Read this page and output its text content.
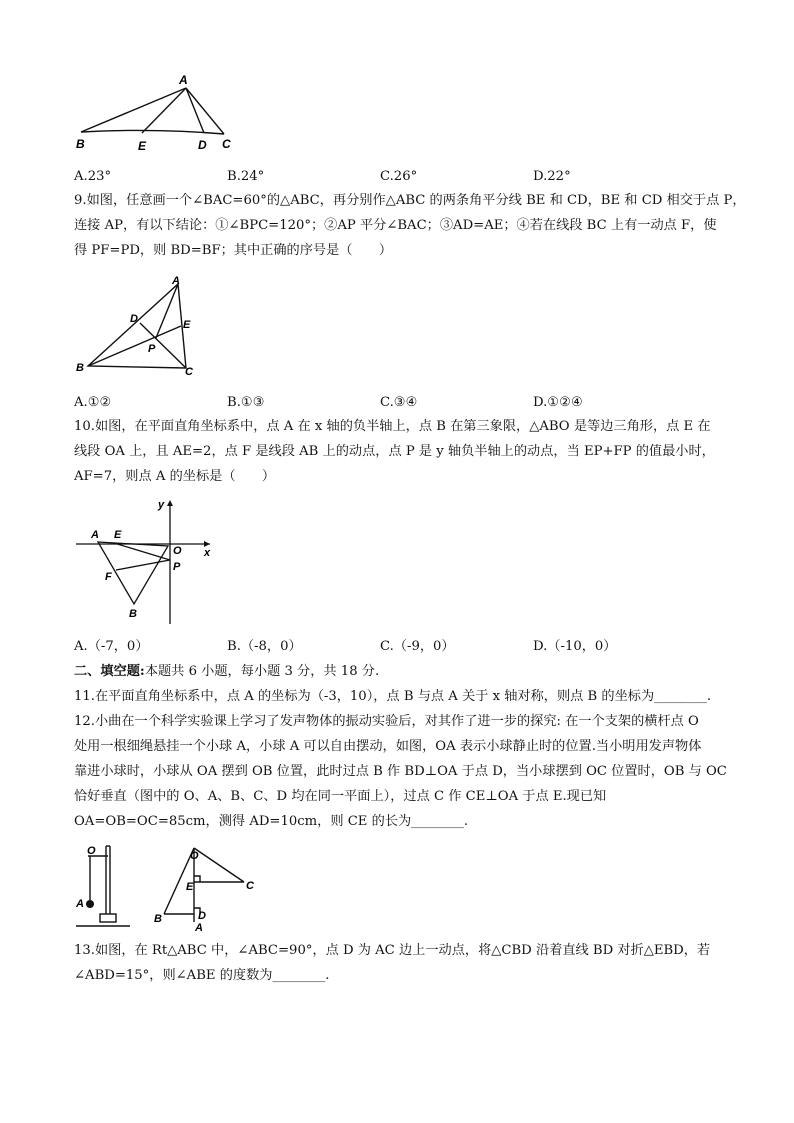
A
B	E	D C
A.23°	B.24°	C.26°	D.22°
9.如图，任意画一个∠BAC=60°的△ABC，再分别作△ABC 的两条角平分线 BE 和 CD，BE 和 CD 相交于点 P，
连接 AP，有以下结论：①∠BPC=120°；②AP 平分∠BAC；③AD=AE；④若在线段 BC 上有一动点 F，使
得 PF=PD，则 BD=BF；其中正确的序号是（　　）
A
D	E
P
B	C
A.①②	B.①③	C.③④	D.①②④
10.如图，在平面直角坐标系中，点 A 在 x 轴的负半轴上，点 B 在第三象限，△ABO 是等边三角形，点 E 在
线段 OA 上，且 AE=2，点 F 是线段 AB 上的动点，点 P 是 y 轴负半轴上的动点，当 EP+FP 的值最小时，
AF=7，则点 A 的坐标是（　　）
y
A E
O x
P
F
B
A.（-7，0）	B.（-8，0）	C.（-9，0）	D.（-10，0）
二、填空题:本题共 6 小题，每小题 3 分，共 18 分.
11.在平面直角坐标系中，点 A 的坐标为（-3，10），点 B 与点 A 关于 x 轴对称，则点 B 的坐标为________.
12.小曲在一个科学实验课上学习了发声物体的振动实验后，对其作了进一步的探究: 在一个支架的横杆点 O
处用一根细绳悬挂一个小球 A，小球 A 可以自由摆动，如图，OA 表示小球静止时的位置.当小明用发声物体
靠进小球时，小球从 OA 摆到 OB 位置，此时过点 B 作 BD⊥OA 于点 D，当小球摆到 OC 位置时，OB 与 OC
恰好垂直（图中的 O、A、B、C、D 均在同一平面上），过点 C 作 CE⊥OA 于点 E.现已知
OA=OB=OC=85cm，测得 AD=10cm，则 CE 的长为________.
O
A
O
E	C
B	D
A
13.如图，在 Rt△ABC 中，∠ABC=90°，点 D 为 AC 边上一动点，将△CBD 沿着直线 BD 对折△EBD，若
∠ABD=15°，则∠ABE 的度数为________.
